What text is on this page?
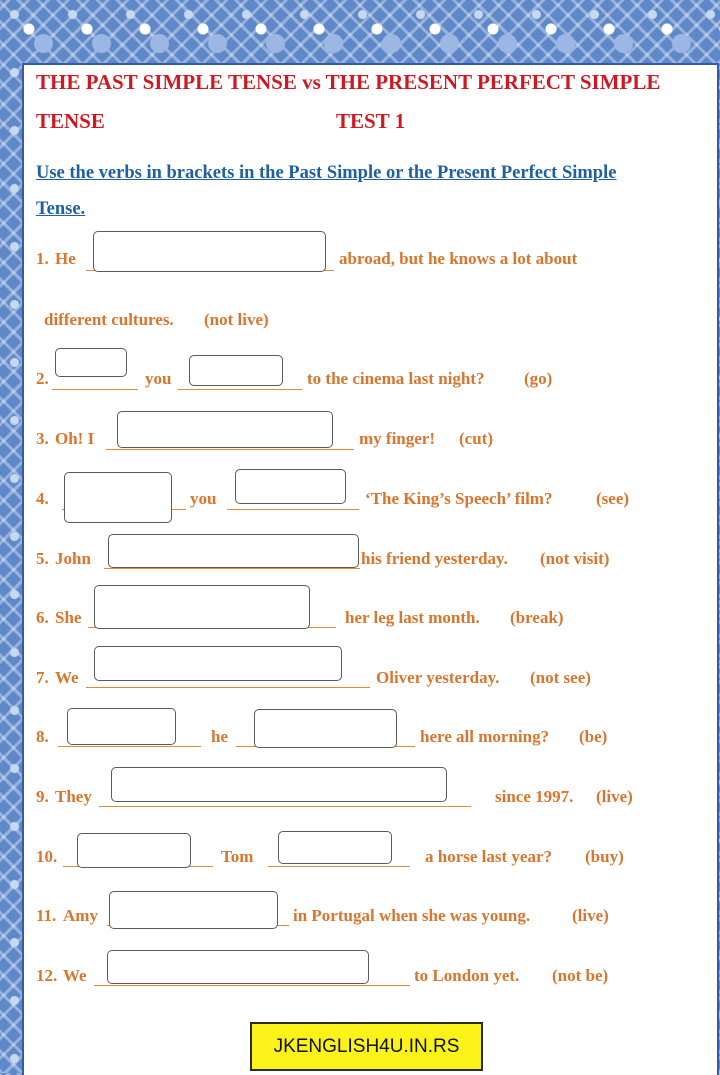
THE PAST SIMPLE TENSE vs THE PRESENT PERFECT SIMPLE
TENSE	TEST 1
Use the verbs in brackets in the Past Simple or the Present Perfect Simple
Tense.
1. He	abroad, but he knows a lot about
different cultures. (not live)
2.	you	to the cinema last night? (go)
3. Oh! I	my finger! (cut)
4.	you	‘The King’s Speech’ film?	(see)
5. John	his friend yesterday. (not visit)
6. She	her leg last month. (break)
7. We	Oliver yesterday. (not see)
8.	he	here all morning? (be)
9. They	since 1997. (live)
10.	Tom	a horse last year? (buy)
11. Amy	in Portugal when she was young. (live)
12. We	to London yet. (not be)
JKENGLISH4U.IN.RS
